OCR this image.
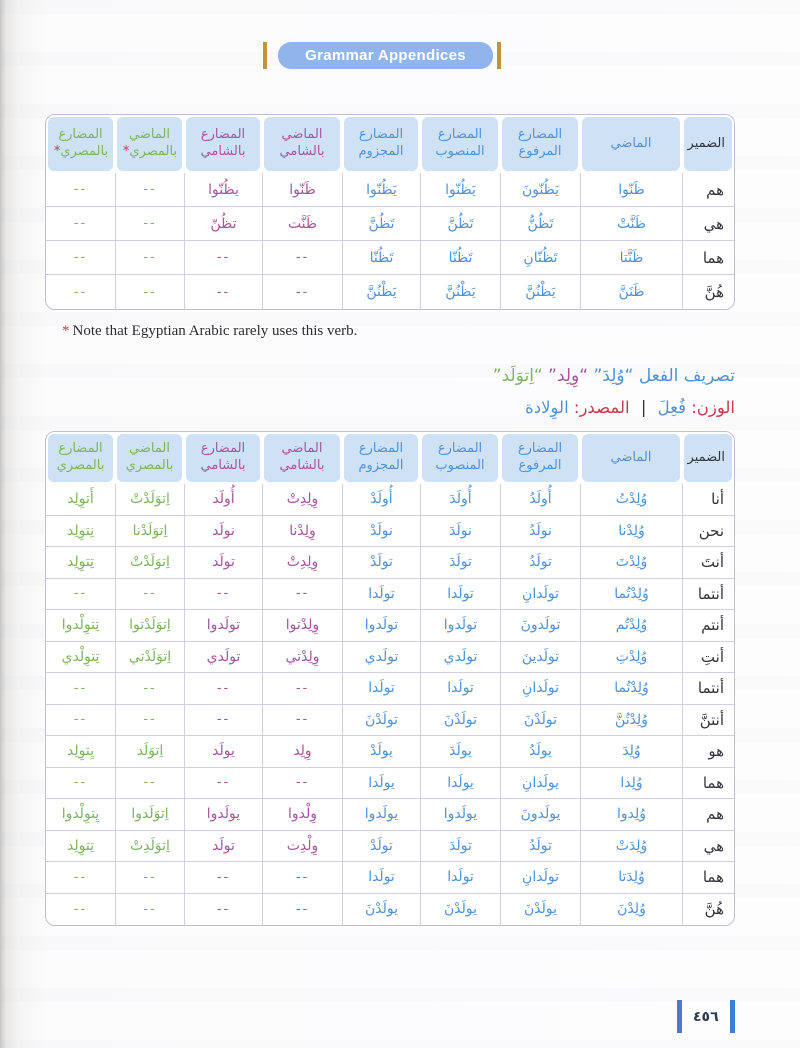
Grammar Appendices
الضمير
الماضي
المضارع المرفوع
المضارع المنصوب
المضارع المجزوم
الماضي بالشامي
المضارع بالشامي
الماضي بالمصري*
المضارع بالمصري*
هم
ظَنّوا
يَظُنّونَ
يَظُنّوا
يَظُنّوا
ظَنّوا
يظُنّوا
--
--
هي
ظَنَّتْ
تَظُنُّ
تَظُنَّ
تَظُنَّ
ظَنَّت
تظُنّ
--
--
هما
ظَنَّتا
تَظُنّانِ
تَظُنّا
تَظُنّا
--
--
--
--
هُنَّ
ظَنَنَّ
يَظْنُنَّ
يَظْنُنَّ
يَظْنُنَّ
--
--
--
--
* Note that Egyptian Arabic rarely uses this verb.
تصريف الفعل “وُلِدَ” “وِلِد” “اِتوَلَد”
الوزن: فُعِلَ | المصدر: الوِلادة
الضمير
الماضي
المضارع المرفوع
المضارع المنصوب
المضارع المجزوم
الماضي بالشامي
المضارع بالشامي
الماضي بالمصري
المضارع بالمصري
أنا
وُلِدْتُ
أُولَدُ
أُولَدَ
أُولَدْ
وِلِدِتْ
أُولَد
اِتوَلَدْتْ
أَتوِلِد
نحن
وُلِدْنا
نولَدُ
نولَدَ
نولَدْ
وِلِدْنا
نولَد
اِتوَلَدْنا
نِتوِلِد
أنتَ
وُلِدْتَ
تولَدُ
تولَدَ
تولَدْ
وِلِدِتْ
تولَد
اِتوَلَدْتْ
تِتوِلِد
أنتما
وُلِدْتُما
تولَدانِ
تولَدا
تولَدا
--
--
--
--
أنتم
وُلِدْتُم
تولَدونَ
تولَدوا
تولَدوا
وِلِدْتوا
تولَدوا
اِتوَلَدْتوا
تِتوِلْدوا
أنتِ
وُلِدْتِ
تولَدينَ
تولَدي
تولَدي
وِلِدْتي
تولَدي
اِتوَلَدْتي
تِتوِلْدي
أنتما
وُلِدْتُما
تولَدانِ
تولَدا
تولَدا
--
--
--
--
أنتنَّ
وُلِدْتُنَّ
تولَدْنَ
تولَدْنَ
تولَدْنَ
--
--
--
--
هو
وُلِدَ
يولَدُ
يولَدَ
يولَدْ
وِلِد
يولَد
اِتوَلَد
يِتوِلِد
هما
وُلِدا
يولَدانِ
يولَدا
يولَدا
--
--
--
--
هم
وُلِدوا
يولَدونَ
يولَدوا
يولَدوا
وِلْدوا
يولَدوا
اِتوَلَدوا
يِتوِلْدوا
هي
وُلِدَتْ
تولَدُ
تولَدَ
تولَدْ
وِلْدِت
تولَد
اِتوَلَدِتْ
تِتوِلِد
هما
وُلِدَتا
تولَدانِ
تولَدا
تولَدا
--
--
--
--
هُنَّ
وُلِدْنَ
يولَدْنَ
يولَدْنَ
يولَدْنَ
--
--
--
--
٤٥٦
